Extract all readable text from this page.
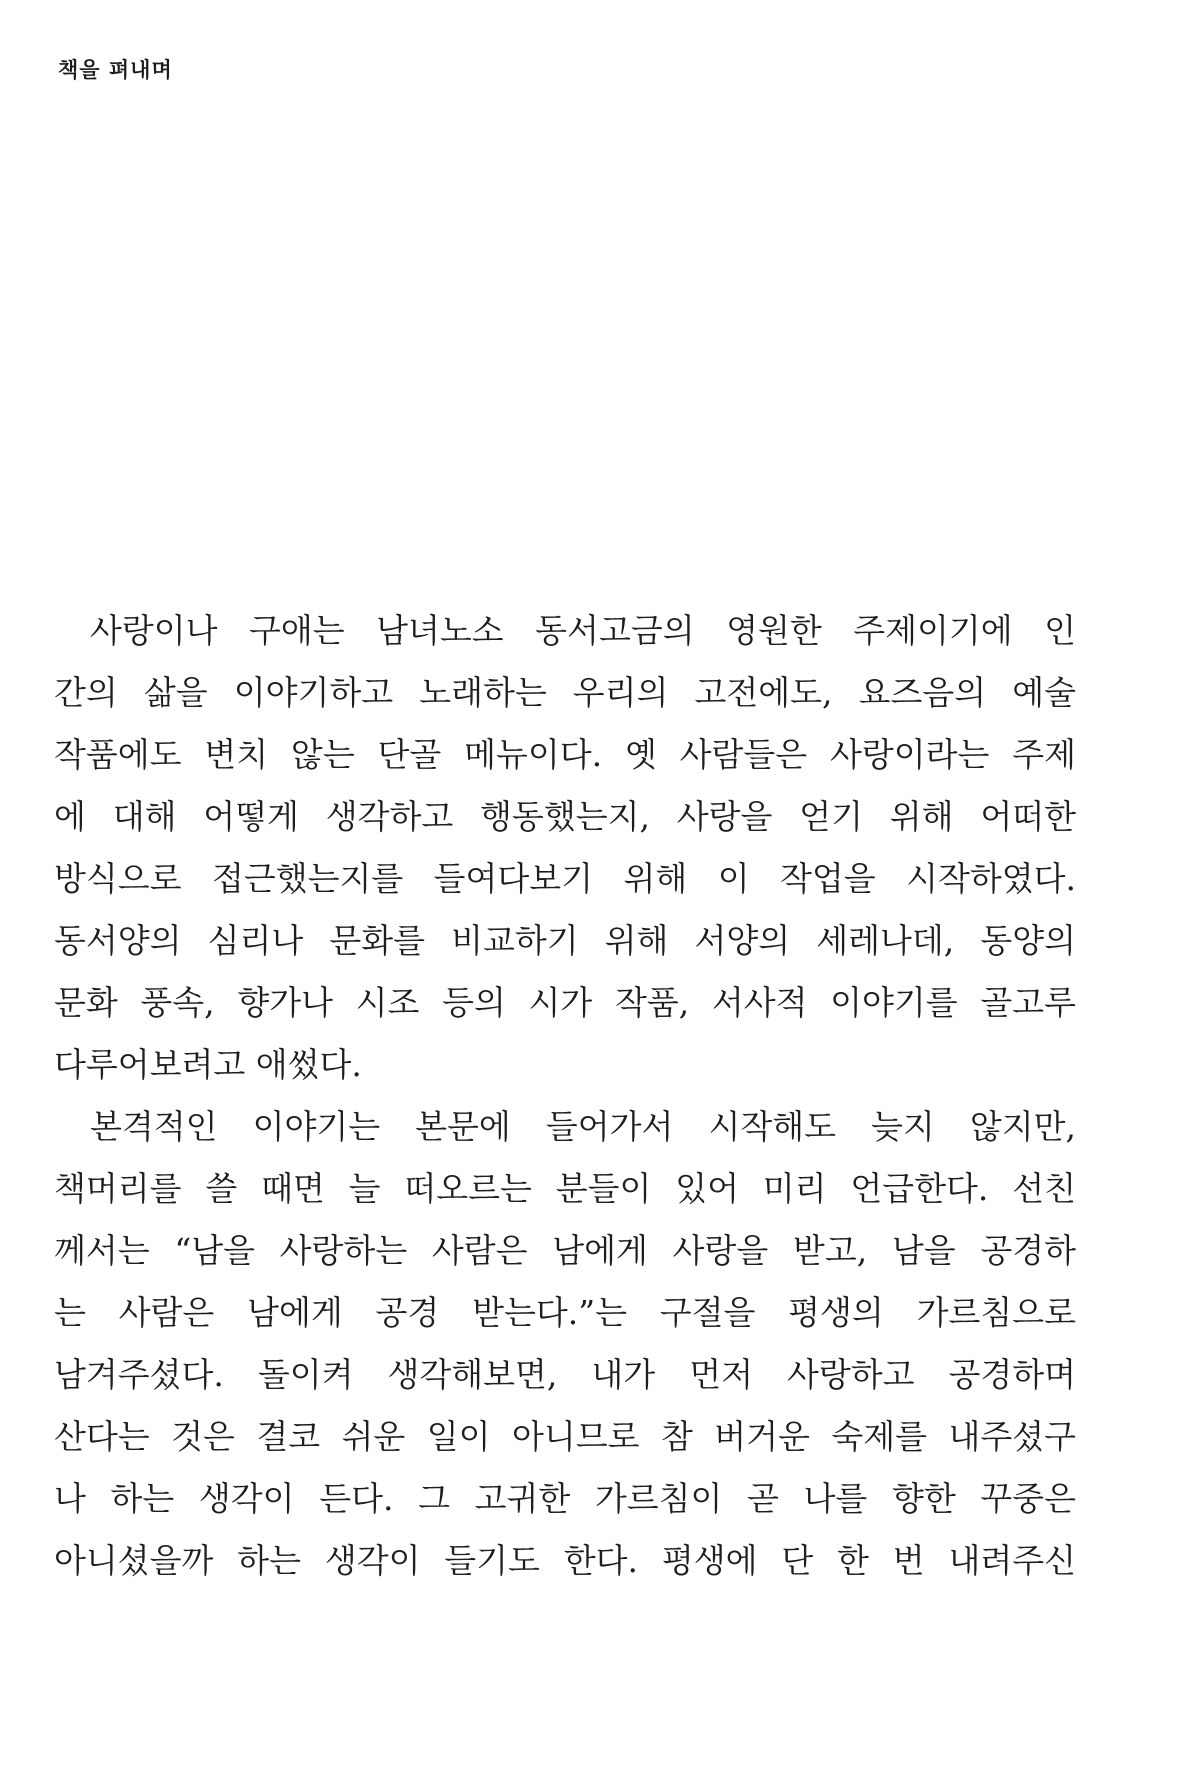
책을 펴내며
사랑이나 구애는 남녀노소 동서고금의 영원한 주제이기에 인
간의 삶을 이야기하고 노래하는 우리의 고전에도, 요즈음의 예술
작품에도 변치 않는 단골 메뉴이다. 옛 사람들은 사랑이라는 주제
에 대해 어떻게 생각하고 행동했는지, 사랑을 얻기 위해 어떠한
방식으로 접근했는지를 들여다보기 위해 이 작업을 시작하였다.
동서양의 심리나 문화를 비교하기 위해 서양의 세레나데, 동양의
문화 풍속, 향가나 시조 등의 시가 작품, 서사적 이야기를 골고루
다루어보려고 애썼다.
본격적인 이야기는 본문에 들어가서 시작해도 늦지 않지만,
책머리를 쓸 때면 늘 떠오르는 분들이 있어 미리 언급한다. 선친
께서는 “남을 사랑하는 사람은 남에게 사랑을 받고, 남을 공경하
는 사람은 남에게 공경 받는다.”는 구절을 평생의 가르침으로
남겨주셨다. 돌이켜 생각해보면, 내가 먼저 사랑하고 공경하며
산다는 것은 결코 쉬운 일이 아니므로 참 버거운 숙제를 내주셨구
나 하는 생각이 든다. 그 고귀한 가르침이 곧 나를 향한 꾸중은
아니셨을까 하는 생각이 들기도 한다. 평생에 단 한 번 내려주신
